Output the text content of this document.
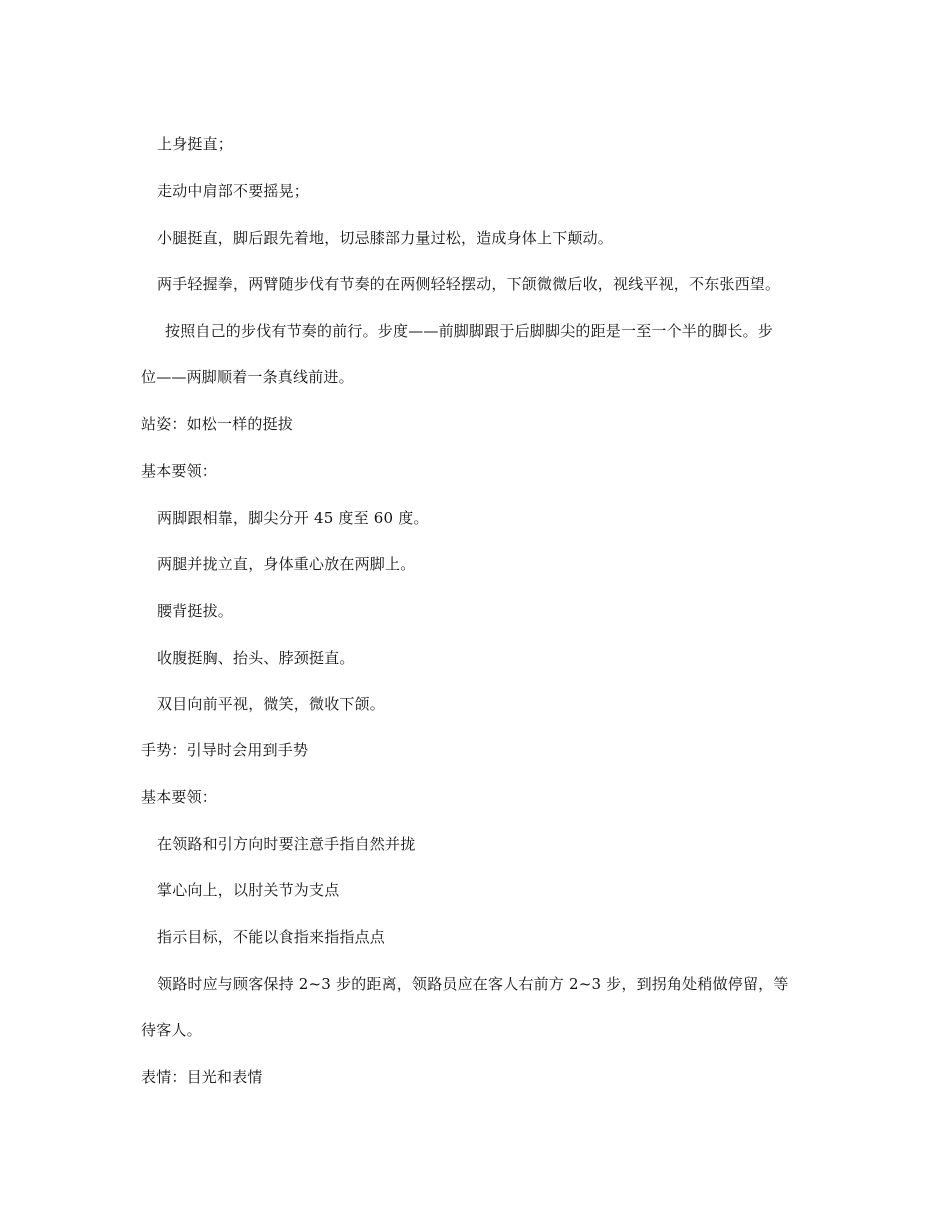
上身挺直；
走动中肩部不要摇晃；
小腿挺直，脚后跟先着地，切忌膝部力量过松，造成身体上下颠动。
两手轻握拳，两臂随步伐有节奏的在两侧轻轻摆动，下颌微微后收，视线平视，不东张西望。
按照自己的步伐有节奏的前行。步度——前脚脚跟于后脚脚尖的距是一至一个半的脚长。步
位——两脚顺着一条真线前进。
站姿：如松一样的挺拔
基本要领：
两脚跟相靠，脚尖分开 45 度至 60 度。
两腿并拢立直，身体重心放在两脚上。
腰背挺拔。
收腹挺胸、抬头、脖颈挺直。
双目向前平视，微笑，微收下颌。
手势：引导时会用到手势
基本要领：
在领路和引方向时要注意手指自然并拢
掌心向上，以肘关节为支点
指示目标，不能以食指来指指点点
领路时应与顾客保持 2~3 步的距离，领路员应在客人右前方 2~3 步，到拐角处稍做停留，等
待客人。
表情：目光和表情
